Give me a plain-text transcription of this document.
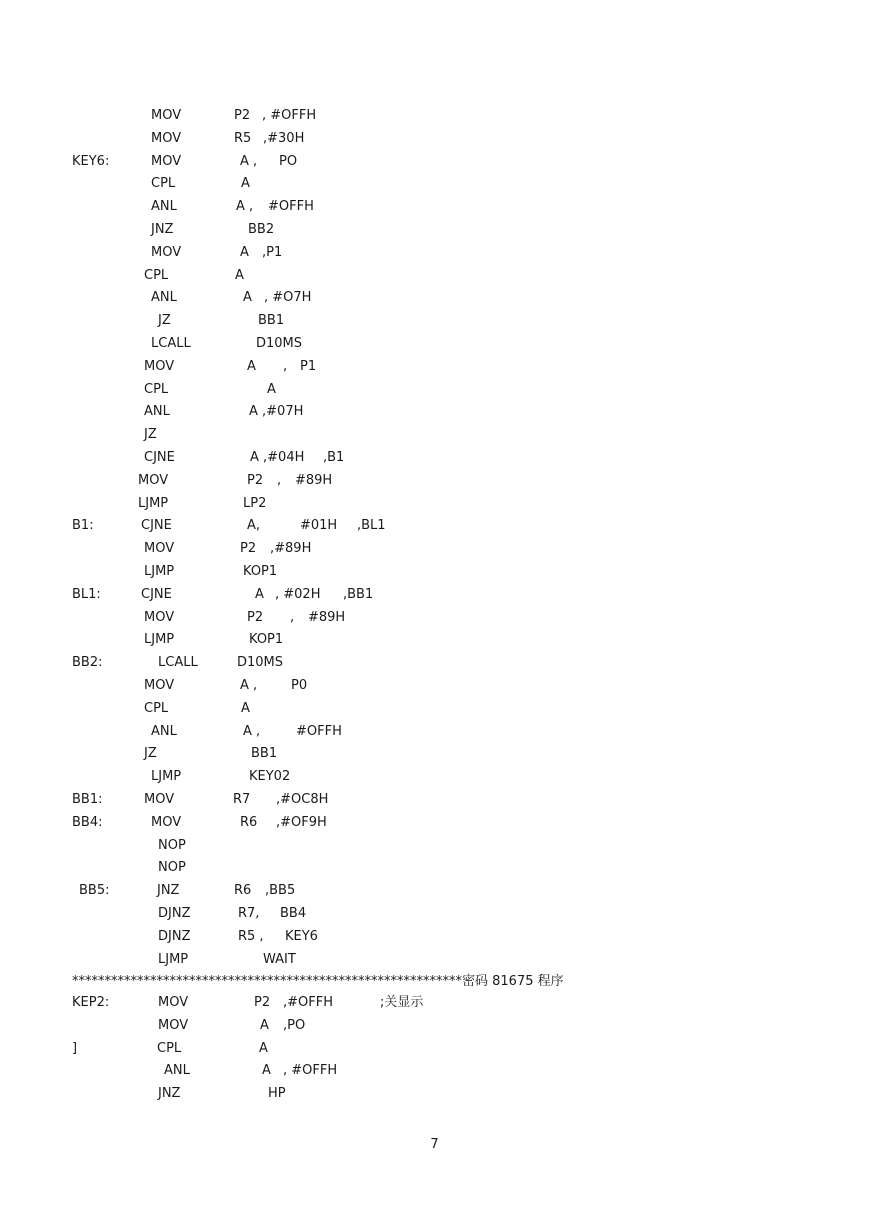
MOV	P2 , #OFFH
MOV	R5 ,#30H
KEY6:	MOV	A , PO
CPL	A
ANL	A , #OFFH
JNZ	BB2
MOV	A ,P1
CPL	A
ANL	A , #O7H
JZ	BB1
LCALL	D10MS
MOV	A , P1
CPL	A
ANL	A ,#07H
JZ
CJNE	A ,#04H ,B1
MOV	P2 , #89H
LJMP	LP2
B1:	CJNE	A,	#01H ,BL1
MOV	P2 ,#89H
LJMP	KOP1
BL1:	CJNE	A , #02H ,BB1
MOV	P2 , #89H
LJMP	KOP1
BB2:	LCALL	D10MS
MOV	A ,	P0
CPL	A
ANL	A ,	#OFFH
JZ	BB1
LJMP	KEY02
BB1:	MOV	R7 ,#OC8H
BB4:	MOV	R6 ,#OF9H
NOP
NOP
BB5:	JNZ	R6 ,BB5
DJNZ	R7, BB4
DJNZ	R5 , KEY6
LJMP	WAIT
************************************************************密码 81675 程序
KEP2:	MOV	P2 ,#OFFH	;关显示
MOV	A ,PO
]	CPL	A
ANL	A , #OFFH
JNZ	HP
7
